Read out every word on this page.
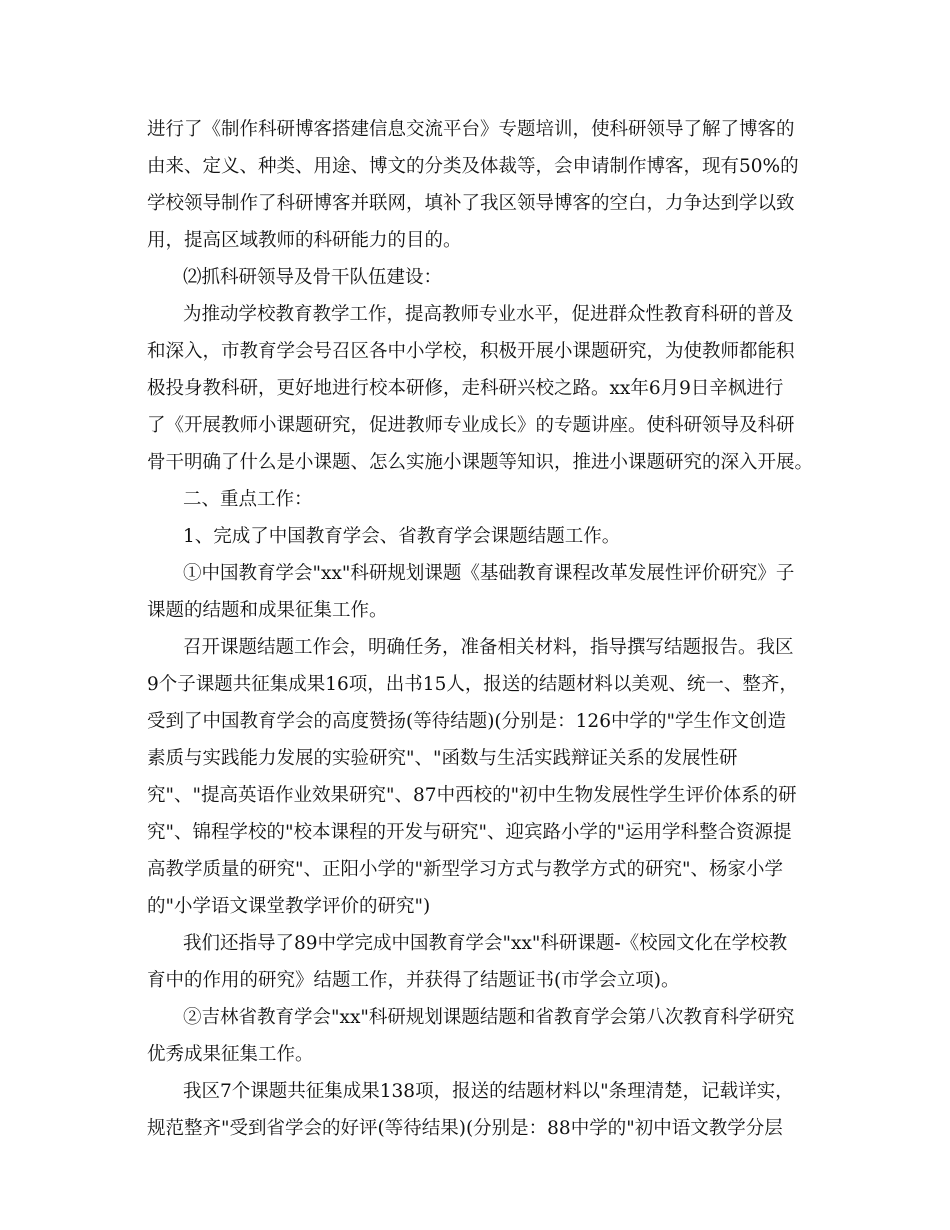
进行了《制作科研博客搭建信息交流平台》专题培训，使科研领导了解了博客的
由来、定义、种类、用途、博文的分类及体裁等，会申请制作博客，现有50%的
学校领导制作了科研博客并联网，填补了我区领导博客的空白，力争达到学以致
用，提高区域教师的科研能力的目的。
⑵抓科研领导及骨干队伍建设：
为推动学校教育教学工作，提高教师专业水平，促进群众性教育科研的普及
和深入，市教育学会号召区各中小学校，积极开展小课题研究，为使教师都能积
极投身教科研，更好地进行校本研修，走科研兴校之路。xx年6月9日辛枫进行
了《开展教师小课题研究，促进教师专业成长》的专题讲座。使科研领导及科研
骨干明确了什么是小课题、怎么实施小课题等知识，推进小课题研究的深入开展。
二、重点工作：
1、完成了中国教育学会、省教育学会课题结题工作。
①中国教育学会"xx"科研规划课题《基础教育课程改革发展性评价研究》子
课题的结题和成果征集工作。
召开课题结题工作会，明确任务，准备相关材料，指导撰写结题报告。我区
9个子课题共征集成果16项，出书15人，报送的结题材料以美观、统一、整齐，
受到了中国教育学会的高度赞扬(等待结题)(分别是：126中学的"学生作文创造
素质与实践能力发展的实验研究"、"函数与生活实践辩证关系的发展性研
究"、"提高英语作业效果研究"、87中西校的"初中生物发展性学生评价体系的研
究"、锦程学校的"校本课程的开发与研究"、迎宾路小学的"运用学科整合资源提
高教学质量的研究"、正阳小学的"新型学习方式与教学方式的研究"、杨家小学
的"小学语文课堂教学评价的研究")
我们还指导了89中学完成中国教育学会"xx"科研课题-《校园文化在学校教
育中的作用的研究》结题工作，并获得了结题证书(市学会立项)。
②吉林省教育学会"xx"科研规划课题结题和省教育学会第八次教育科学研究
优秀成果征集工作。
我区7个课题共征集成果138项，报送的结题材料以"条理清楚，记载详实，
规范整齐"受到省学会的好评(等待结果)(分别是：88中学的"初中语文教学分层
